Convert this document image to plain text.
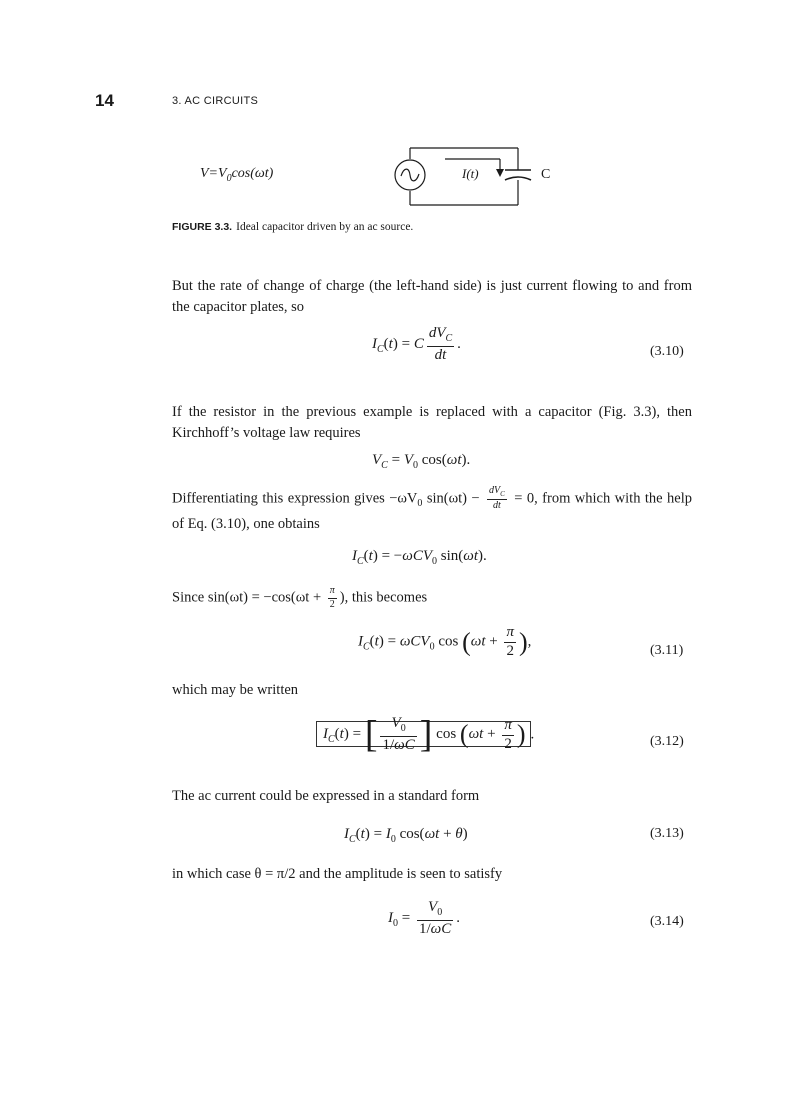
14	3. AC CIRCUITS
$V=V_0\cos(\omega t)$	I(t)	C
FIGURE 3.3. Ideal capacitor driven by an ac source.
But the rate of change of charge (the left-hand side) is just current flowing to and from the capacitor plates, so
$I_C(t) = C \frac{dV_C}{dt}$ .	(3.10)
If the resistor in the previous example is replaced with a capacitor (Fig. 3.3), then Kirchhoff’s voltage law requires
$V_C = V_0$ cos(ωt).
Differentiating this expression gives $-\omega V_0$ $\sin(\omega t) - \frac{dV_C}{dt} = 0$, from which with the help of Eq. (3.10), one obtains
$I_C(t) = -\omega CV_0$ sin(ωt).
Since $\sin(\omega t) = -\cos(\omega t + \frac{\pi}{2}$ ), this becomes
$I_C(t) = \omega CV_0$ $\cos (\omega t + \frac{\pi}{2}$ ),
(3.11)
which may be written
$I_C(t)$ = [ $\frac{V_0}{1/\omega C}$ ] $\cos (\omega t + \frac{\pi}{2}$ ) .	(3.12)
The ac current could be expressed in a standard form
$I_C(t) = I_0$ cos(ωt + θ)	(3.13)
in which case θ = π/2 and the amplitude is seen to satisfy
$I_0 = \frac{V_0}{1/\omega C}$ .	(3.14)
